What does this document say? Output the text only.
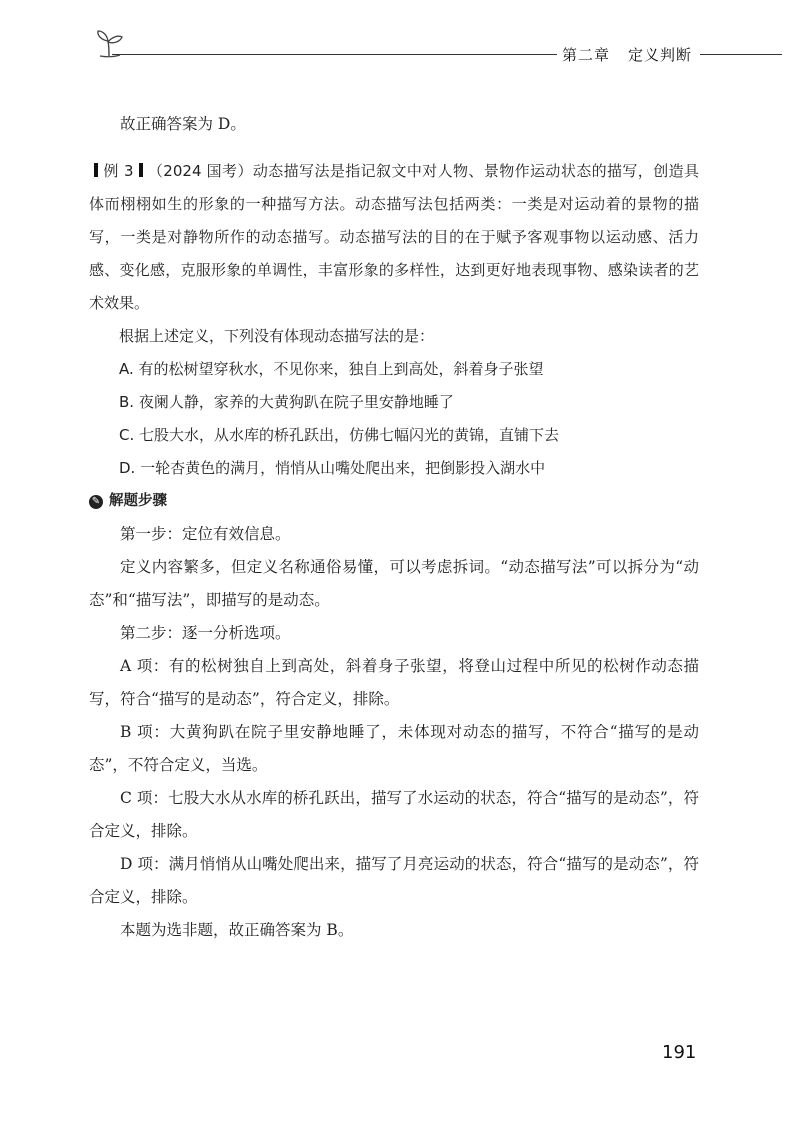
第二章 定义判断

故正确答案为 D。

例 3 （2024 国考）动态描写法是指记叙文中对人物、景物作运动状态的描写，创造具体而栩栩如生的形象的一种描写方法。动态描写法包括两类：一类是对运动着的景物的描写，一类是对静物所作的动态描写。动态描写法的目的在于赋予客观事物以运动感、活力感、变化感，克服形象的单调性，丰富形象的多样性，达到更好地表现事物、感染读者的艺术效果。

根据上述定义，下列没有体现动态描写法的是：

A. 有的松树望穿秋水，不见你来，独自上到高处，斜着身子张望

B. 夜阑人静，家养的大黄狗趴在院子里安静地睡了

C. 七股大水，从水库的桥孔跃出，仿佛七幅闪光的黄锦，直铺下去

D. 一轮杏黄色的满月，悄悄从山嘴处爬出来，把倒影投入湖水中

✎ 解题步骤

第一步：定位有效信息。

定义内容繁多，但定义名称通俗易懂，可以考虑拆词。“动态描写法”可以拆分为“动态”和“描写法”，即描写的是动态。

第二步：逐一分析选项。

A 项：有的松树独自上到高处，斜着身子张望，将登山过程中所见的松树作动态描写，符合“描写的是动态”，符合定义，排除。

B 项：大黄狗趴在院子里安静地睡了，未体现对动态的描写，不符合“描写的是动态”，不符合定义，当选。

C 项：七股大水从水库的桥孔跃出，描写了水运动的状态，符合“描写的是动态”，符合定义，排除。

D 项：满月悄悄从山嘴处爬出来，描写了月亮运动的状态，符合“描写的是动态”，符合定义，排除。

本题为选非题，故正确答案为 B。

191
